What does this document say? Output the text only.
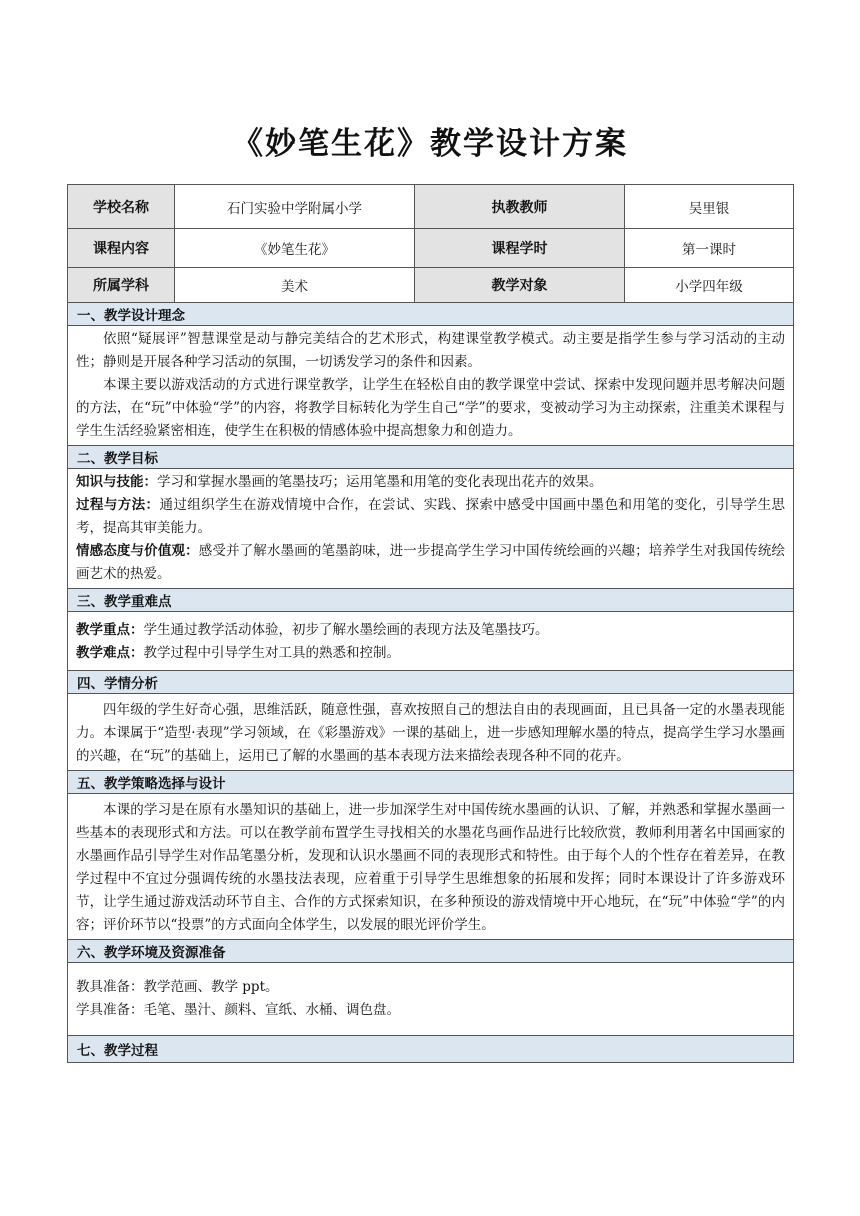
《妙笔生花》教学设计方案
学校名称	石门实验中学附属小学	执教教师	吴里银
课程内容	《妙笔生花》	课程学时	第一课时
所属学科	美术	教学对象	小学四年级
一、教学设计理念			

依照“疑展评”智慧课堂是动与静完美结合的艺术形式，构建课堂教学模式。动主要是指学生参与学习活动的主动性；静则是开展各种学习活动的氛围，一切诱发学习的条件和因素。

本课主要以游戏活动的方式进行课堂教学，让学生在轻松自由的教学课堂中尝试、探索中发现问题并思考解决问题的方法，在“玩”中体验“学”的内容，将教学目标转化为学生自己“学”的要求，变被动学习为主动探索，注重美术课程与学生生活经验紧密相连，使学生在积极的情感体验中提高想象力和创造力。			

二、教学目标			

知识与技能：学习和掌握水墨画的笔墨技巧；运用笔墨和用笔的变化表现出花卉的效果。

过程与方法：通过组织学生在游戏情境中合作，在尝试、实践、探索中感受中国画中墨色和用笔的变化，引导学生思考，提高其审美能力。

情感态度与价值观：感受并了解水墨画的笔墨韵味，进一步提高学生学习中国传统绘画的兴趣；培养学生对我国传统绘画艺术的热爱。			

三、教学重难点			

教学重点：学生通过教学活动体验，初步了解水墨绘画的表现方法及笔墨技巧。

教学难点：教学过程中引导学生对工具的熟悉和控制。			

四、学情分析			

四年级的学生好奇心强，思维活跃，随意性强，喜欢按照自己的想法自由的表现画面，且已具备一定的水墨表现能力。本课属于“造型·表现”学习领域，在《彩墨游戏》一课的基础上，进一步感知理解水墨的特点，提高学生学习水墨画的兴趣，在“玩”的基础上，运用已了解的水墨画的基本表现方法来描绘表现各种不同的花卉。			

五、教学策略选择与设计			

本课的学习是在原有水墨知识的基础上，进一步加深学生对中国传统水墨画的认识、了解，并熟悉和掌握水墨画一些基本的表现形式和方法。可以在教学前布置学生寻找相关的水墨花鸟画作品进行比较欣赏，教师利用著名中国画家的水墨画作品引导学生对作品笔墨分析，发现和认识水墨画不同的表现形式和特性。由于每个人的个性存在着差异，在教学过程中不宜过分强调传统的水墨技法表现，应着重于引导学生思维想象的拓展和发挥；同时本课设计了许多游戏环节，让学生通过游戏活动环节自主、合作的方式探索知识，在多种预设的游戏情境中开心地玩，在“玩”中体验“学”的内容；评价环节以“投票”的方式面向全体学生，以发展的眼光评价学生。			

六、教学环境及资源准备			

教具准备：教学范画、教学 ppt。

学具准备：毛笔、墨汁、颜料、宣纸、水桶、调色盘。			

七、教学过程			
